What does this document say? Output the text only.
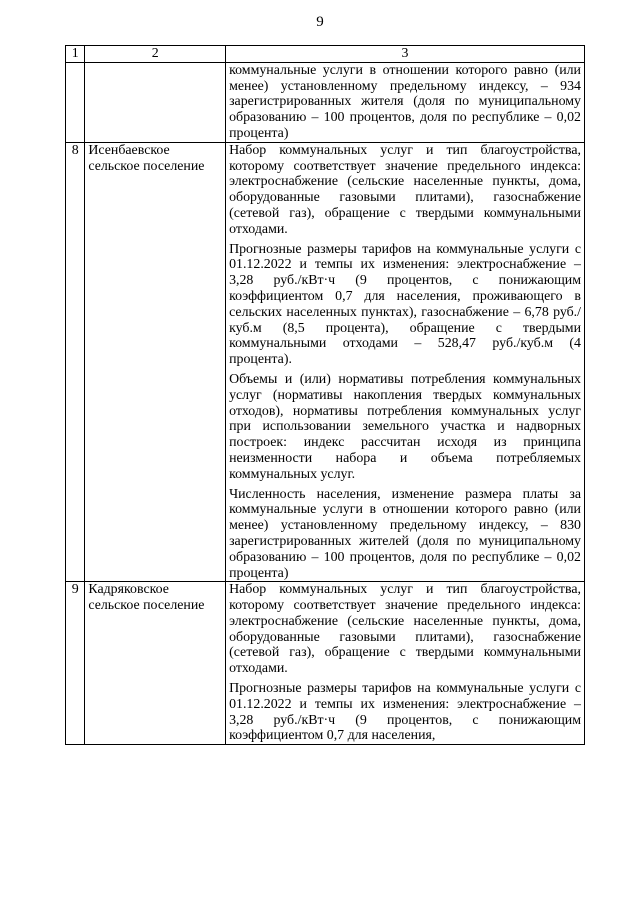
9
1	2	3

		коммунальные услуги в отношении которого равно (или менее) установленному предельному индексу, – 934 зарегистрированных жителя (доля по муниципальному образованию – 100 процентов, доля по республике – 0,02 процента)

8	Исенбаевское сельское поселение	Набор коммунальных услуг и тип благоустройства, которому соответствует значение предельного индекса: электроснабжение (сельские населенные пункты, дома, оборудованные газовыми плитами), газоснабжение (сетевой газ), обращение с твердыми коммунальными отходами.

Прогнозные размеры тарифов на коммунальные услуги с 01.12.2022 и темпы их изменения: электроснабжение – 3,28 руб./кВт·ч (9 процентов, с понижающим коэффициентом 0,7 для населения, проживающего в сельских населенных пунктах), газоснабжение – 6,78 руб./куб.м (8,5 процента), обращение с твердыми коммунальными отходами – 528,47 руб./куб.м (4 процента).

Объемы и (или) нормативы потребления коммунальных услуг (нормативы накопления твердых коммунальных отходов), нормативы потребления коммунальных услуг при использовании земельного участка и надворных построек: индекс рассчитан исходя из принципа неизменности набора и объема потребляемых коммунальных услуг.

Численность населения, изменение размера платы за коммунальные услуги в отношении которого равно (или менее) установленному предельному индексу, – 830 зарегистрированных жителей (доля по муниципальному образованию – 100 процентов, доля по республике – 0,02 процента)

9	Кадряковское сельское поселение	Набор коммунальных услуг и тип благоустройства, которому соответствует значение предельного индекса: электроснабжение (сельские населенные пункты, дома, оборудованные газовыми плитами), газоснабжение (сетевой газ), обращение с твердыми коммунальными отходами.

Прогнозные размеры тарифов на коммунальные услуги с 01.12.2022 и темпы их изменения: электроснабжение – 3,28 руб./кВт·ч (9 процентов, с понижающим коэффициентом 0,7 для населения,
